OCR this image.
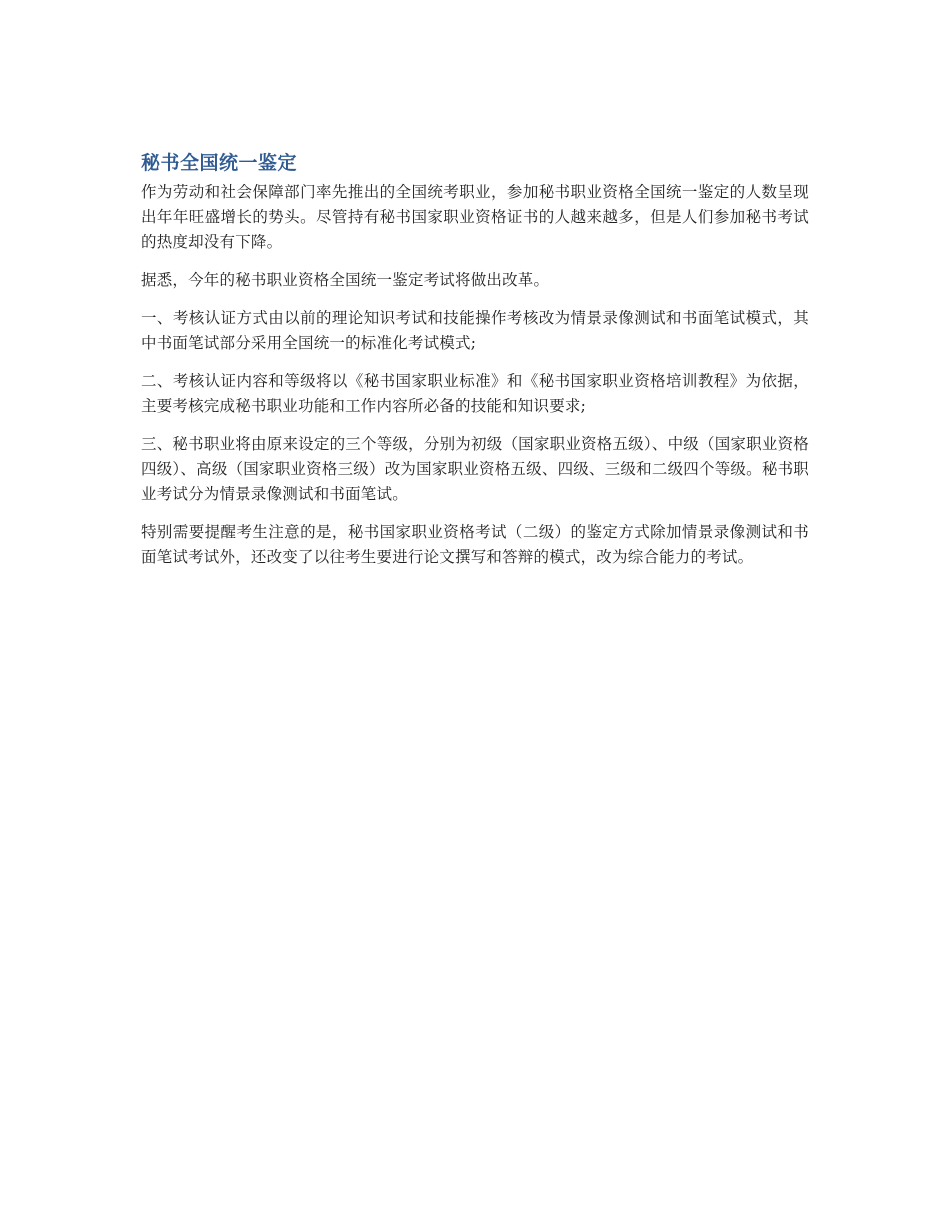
秘书全国统一鉴定

作为劳动和社会保障部门率先推出的全国统考职业，参加秘书职业资格全国统一鉴定的人数呈现出年年旺盛增长的势头。尽管持有秘书国家职业资格证书的人越来越多，但是人们参加秘书考试的热度却没有下降。

据悉，今年的秘书职业资格全国统一鉴定考试将做出改革。

一、考核认证方式由以前的理论知识考试和技能操作考核改为情景录像测试和书面笔试模式，其中书面笔试部分采用全国统一的标准化考试模式;

二、考核认证内容和等级将以《秘书国家职业标准》和《秘书国家职业资格培训教程》为依据，主要考核完成秘书职业功能和工作内容所必备的技能和知识要求;

三、秘书职业将由原来设定的三个等级，分别为初级（国家职业资格五级）、中级（国家职业资格四级）、高级（国家职业资格三级）改为国家职业资格五级、四级、三级和二级四个等级。秘书职业考试分为情景录像测试和书面笔试。

特别需要提醒考生注意的是，秘书国家职业资格考试（二级）的鉴定方式除加情景录像测试和书面笔试考试外，还改变了以往考生要进行论文撰写和答辩的模式，改为综合能力的考试。
